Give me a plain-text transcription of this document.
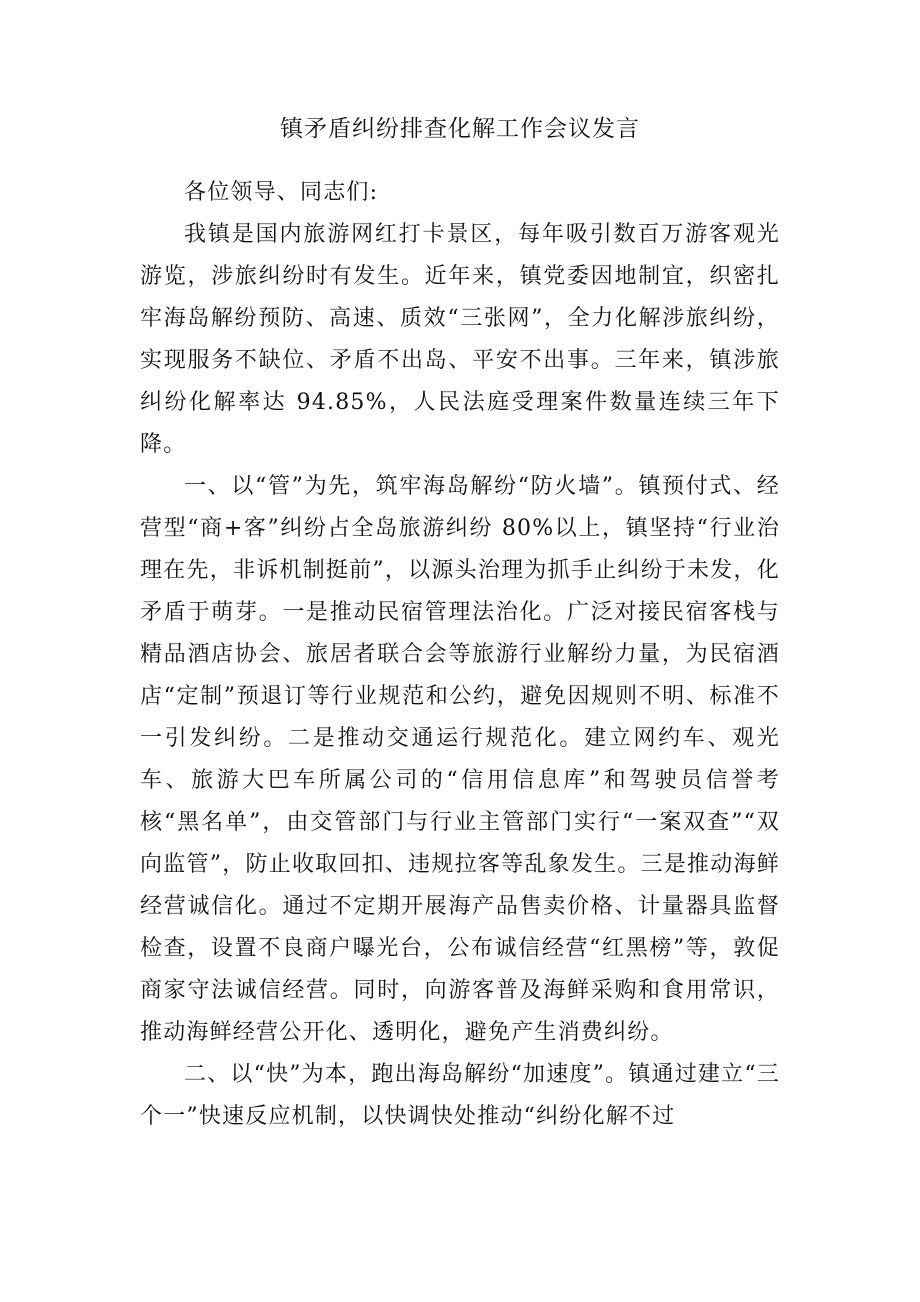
镇矛盾纠纷排查化解工作会议发言

各位领导、同志们:

我镇是国内旅游网红打卡景区，每年吸引数百万游客观光游览，涉旅纠纷时有发生。近年来，镇党委因地制宜，织密扎牢海岛解纷预防、高速、质效“三张网”，全力化解涉旅纠纷，实现服务不缺位、矛盾不出岛、平安不出事。三年来，镇涉旅纠纷化解率达 94.85%，人民法庭受理案件数量连续三年下降。

一、以“管”为先，筑牢海岛解纷“防火墙”。镇预付式、经营型“商+客”纠纷占全岛旅游纠纷 80%以上，镇坚持“行业治理在先，非诉机制挺前”，以源头治理为抓手止纠纷于未发，化矛盾于萌芽。一是推动民宿管理法治化。广泛对接民宿客栈与精品酒店协会、旅居者联合会等旅游行业解纷力量，为民宿酒店“定制”预退订等行业规范和公约，避免因规则不明、标准不一引发纠纷。二是推动交通运行规范化。建立网约车、观光车、旅游大巴车所属公司的“信用信息库”和驾驶员信誉考核“黑名单”，由交管部门与行业主管部门实行“一案双查”“双向监管”，防止收取回扣、违规拉客等乱象发生。三是推动海鲜经营诚信化。通过不定期开展海产品售卖价格、计量器具监督检查，设置不良商户曝光台，公布诚信经营“红黑榜”等，敦促商家守法诚信经营。同时，向游客普及海鲜采购和食用常识，推动海鲜经营公开化、透明化，避免产生消费纠纷。

二、以“快”为本，跑出海岛解纷“加速度”。镇通过建立“三个一”快速反应机制，以快调快处推动“纠纷化解不过
